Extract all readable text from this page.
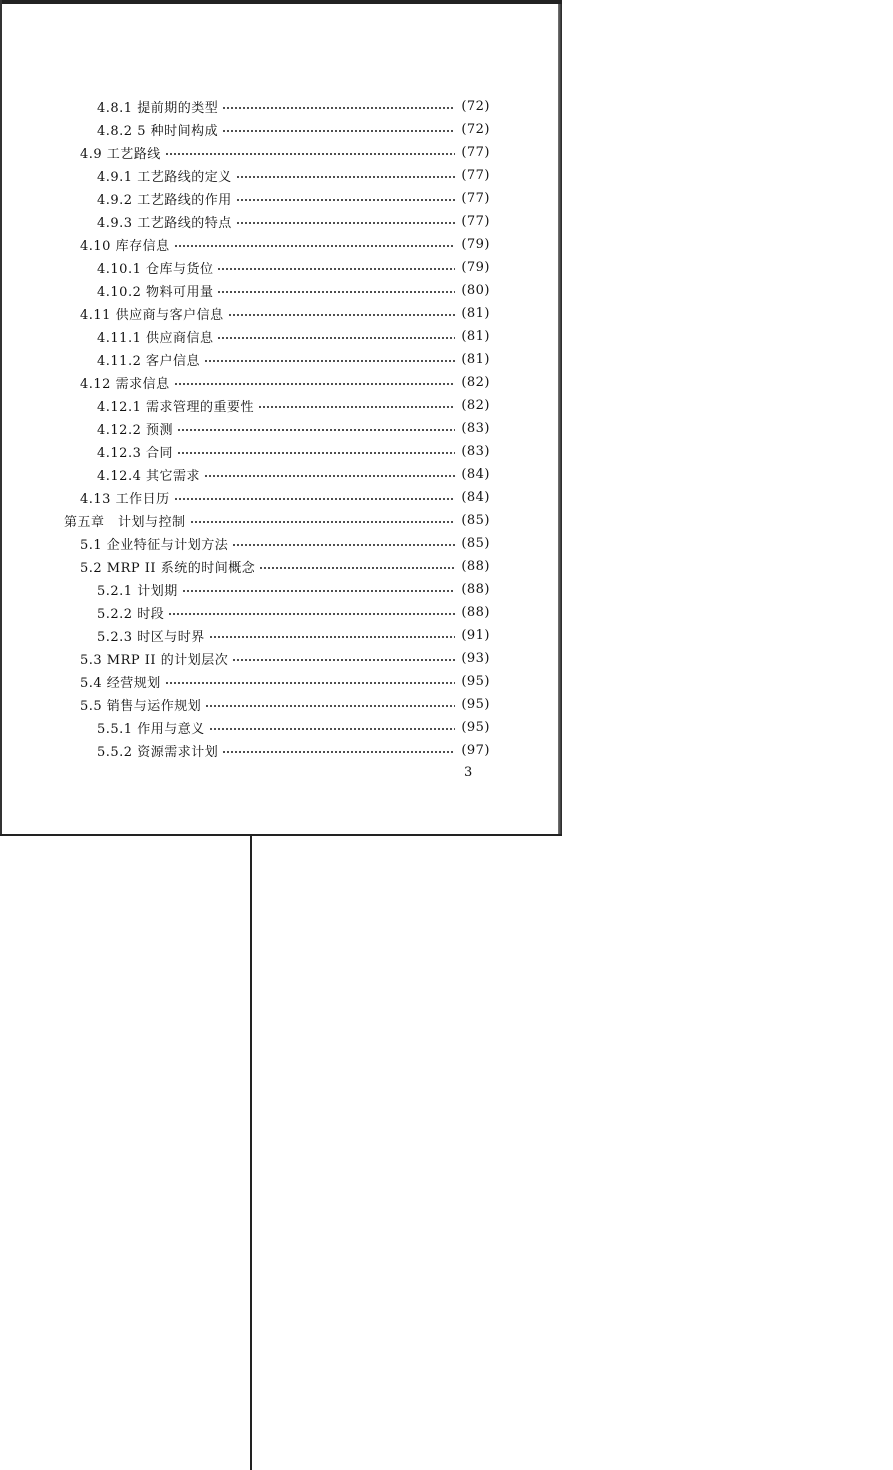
4.8.1 提前期的类型	(72)
4.8.2 5 种时间构成	(72)
4.9 工艺路线	(77)
4.9.1 工艺路线的定义	(77)
4.9.2 工艺路线的作用	(77)
4.9.3 工艺路线的特点	(77)
4.10 库存信息	(79)
4.10.1 仓库与货位	(79)
4.10.2 物料可用量	(80)
4.11 供应商与客户信息	(81)
4.11.1 供应商信息	(81)
4.11.2 客户信息	(81)
4.12 需求信息	(82)
4.12.1 需求管理的重要性	(82)
4.12.2 预测	(83)
4.12.3 合同	(83)
4.12.4 其它需求	(84)
4.13 工作日历	(84)
第五章　计划与控制	(85)
5.1 企业特征与计划方法	(85)
5.2 MRP II 系统的时间概念	(88)
5.2.1 计划期	(88)
5.2.2 时段	(88)
5.2.3 时区与时界	(91)
5.3 MRP II 的计划层次	(93)
5.4 经营规划	(95)
5.5 销售与运作规划	(95)
5.5.1 作用与意义	(95)
5.5.2 资源需求计划	(97)
3
